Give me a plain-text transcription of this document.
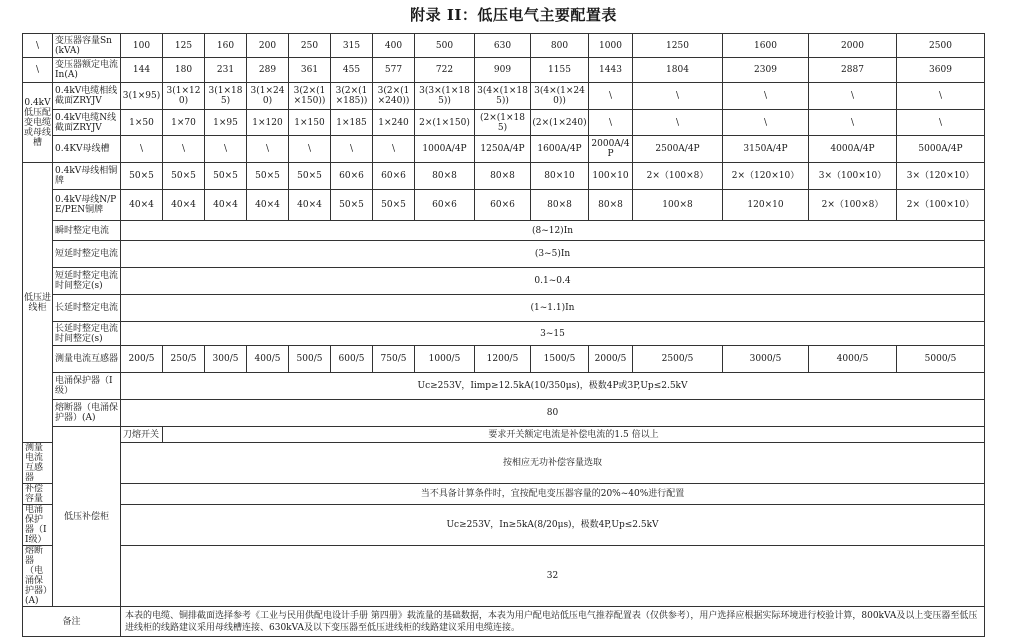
附录 II：低压电气主要配置表
\	变压器容量Sn(kVA)	100	125	160	200	250	315	400	500	630	800	1000	1250	1600	2000	2500
\	变压器额定电流In(A)	144	180	231	289	361	455	577	722	909	1155	1443	1804	2309	2887	3609
0.4kV低压配变电缆或母线槽	0.4kV电缆相线截面ZRYJV	3(1×95)	3(1×120)	3(1×185)	3(1×240)	3(2×(1×150))	3(2×(1×185))	3(2×(1×240))	3(3×(1×185))	3(4×(1×185))	3(4×(1×240))	\	\	\	\	\
	0.4kV电缆N线截面ZRYJV	1×50	1×70	1×95	1×120	1×150	1×185	1×240	2×(1×150)	(2×(1×185)	(2×(1×240)	\	\	\	\	\
	0.4KV母线槽	\	\	\	\	\	\	\	1000A/4P	1250A/4P	1600A/4P	2000A/4P	2500A/4P	3150A/4P	4000A/4P	5000A/4P
低压进线柜	0.4kV母线相铜牌	50×5	50×5	50×5	50×5	50×5	60×6	60×6	80×8	80×8	80×10	100×10	2×（100×8）	2×（120×10）	3×（100×10）	3×（120×10）
	0.4kV母线N/PE/PEN铜牌	40×4	40×4	40×4	40×4	40×4	50×5	50×5	60×6	60×6	80×8	80×8	100×8	120×10	2×（100×8）	2×（100×10）
	瞬时整定电流	(8~12)In														
	短延时整定电流	(3~5)In														
	短延时整定电流时间整定(s)	0.1~0.4														
	长延时整定电流	(1~1.1)In														
	长延时整定电流时间整定(s)	3~15														
	测量电流互感器	200/5	250/5	300/5	400/5	500/5	600/5	750/5	1000/5	1200/5	1500/5	2000/5	2500/5	3000/5	4000/5	5000/5
	电涌保护器（I级）	Uc≥253V，Iimp≥12.5kA(10/350μs)，极数4P或3P,Up≤2.5kV														
	熔断器（电涌保护器）(A)	80														
	低压补偿柜	刀熔开关	要求开关额定电流是补偿电流的1.5 倍以上													
测量电流互感器		按相应无功补偿容量选取														
补偿容量		当不具备计算条件时，宜按配电变压器容量的20%~40%进行配置														
电涌保护器（II级）		Uc≥253V，In≥5kA(8/20μs)，极数4P,Up≤2.5kV														
熔断器（电涌保护器）(A)		32														
备注		本表的电缆、铜排截面选择参考《工业与民用供配电设计手册 第四册》载流量的基础数据，本表为用户配电站低压电气推荐配置表（仅供参考），用户选择应根据实际环境进行校验计算，800kVA及以上变压器至低压进线柜的线路建议采用母线槽连接、630kVA及以下变压器至低压进线柜的线路建议采用电缆连接。														
